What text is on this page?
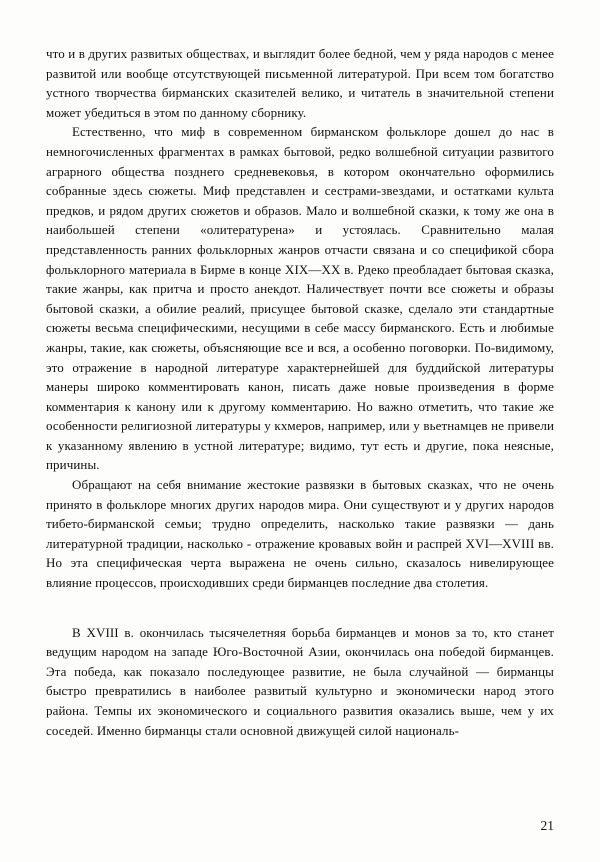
что и в других развитых обществах, и выглядит более бедной, чем у ряда народов с менее развитой или вообще отсутствующей письменной литературой. При всем том богатство устного творчества бирманских сказителей велико, и читатель в значительной степени может убедиться в этом по данному сборнику.

Естественно, что миф в современном бирманском фольклоре дошел до нас в немногочисленных фрагментах в рамках бытовой, редко волшебной ситуации развитого аграрного общества позднего средневековья, в котором окончательно оформились собранные здесь сюжеты. Миф представлен и сестрами-звездами, и остатками культа предков, и рядом других сюжетов и образов. Мало и волшебной сказки, к тому же она в наибольшей степени «олитературена» и устоялась. Сравнительно малая представленность ранних фольклорных жанров отчасти связана и со спецификой сбора фольклорного материала в Бирме в конце XIX—XX в. Рдеко преобладает бытовая сказка, такие жанры, как притча и просто анекдот. Наличествует почти все сюжеты и образы бытовой сказки, а обилие реалий, присущее бытовой сказке, сделало эти стандартные сюжеты весьма специфическими, несущими в себе массу бирманского. Есть и любимые жанры, такие, как сюжеты, объясняющие все и вся, а особенно поговорки. По-видимому, это отражение в народной литературе характернейшей для буддийской литературы манеры широко комментировать канон, писать даже новые произведения в форме комментария к канону или к другому комментарию. Но важно отметить, что такие же особенности религиозной литературы у кхмеров, например, или у вьетнамцев не привели к указанному явлению в устной литературе; видимо, тут есть и другие, пока неясные, причины.

Обращают на себя внимание жестокие развязки в бытовых сказках, что не очень принято в фольклоре многих других народов мира. Они существуют и у других народов тибето-бирманской семьи; трудно определить, насколько такие развязки — дань литературной традиции, насколько - отражение кровавых войн и распрей XVI—XVIII вв. Но эта специфическая черта выражена не очень сильно, сказалось нивелирующее влияние процессов, происходивших среди бирманцев последние два столетия.

В XVIII в. окончилась тысячелетняя борьба бирманцев и монов за то, кто станет ведущим народом на западе Юго-Восточной Азии, окончилась она победой бирманцев. Эта победа, как показало последующее развитие, не была случайной — бирманцы быстро превратились в наиболее развитый культурно и экономически народ этого района. Темпы их экономического и социального развития оказались выше, чем у их соседей. Именно бирманцы стали основной движущей силой националь-

21
